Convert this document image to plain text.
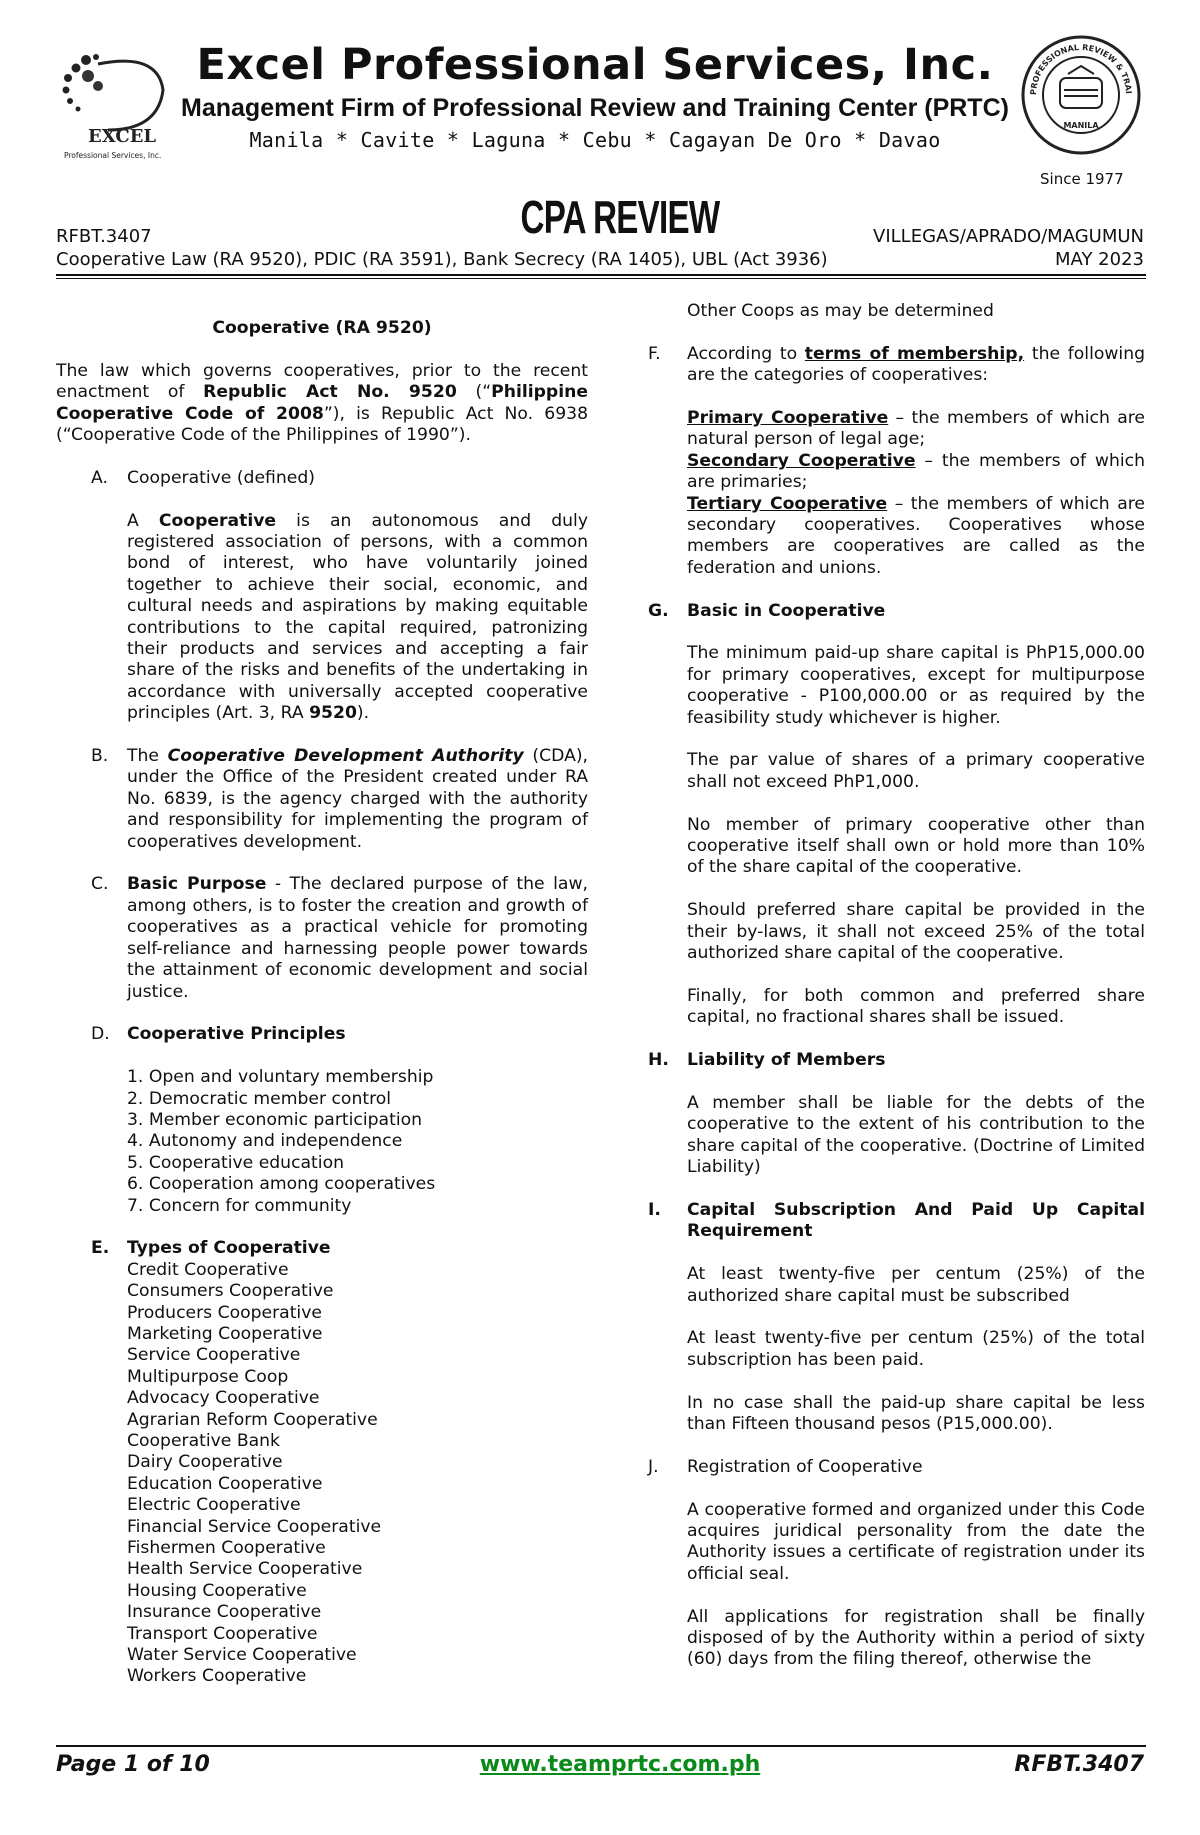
EXCEL
Professional Services, Inc.
Excel Professional Services, Inc.
Management Firm of Professional Review and Training Center (PRTC)
Manila * Cavite * Laguna * Cebu * Cagayan De Oro * Davao
PROFESSIONAL REVIEW & TRAI
MANILA
Since 1977
RFBT.3407	CPA REVIEW	VILLEGAS/APRADO/MAGUMUN
Cooperative Law (RA 9520), PDIC (RA 3591), Bank Secrecy (RA 1405), UBL (Act 3936)	MAY 2023

Cooperative (RA 9520)

The law which governs cooperatives, prior to the recent enactment of Republic Act No. 9520 (“Philippine Cooperative Code of 2008”), is Republic Act No. 6938 (“Cooperative Code of the Philippines of 1990”).

A. Cooperative (defined)

A Cooperative is an autonomous and duly registered association of persons, with a common bond of interest, who have voluntarily joined together to achieve their social, economic, and cultural needs and aspirations by making equitable contributions to the capital required, patronizing their products and services and accepting a fair share of the risks and benefits of the undertaking in accordance with universally accepted cooperative principles (Art. 3, RA 9520).

B. The Cooperative Development Authority (CDA), under the Office of the President created under RA No. 6839, is the agency charged with the authority and responsibility for implementing the program of cooperatives development.

C. Basic Purpose - The declared purpose of the law, among others, is to foster the creation and growth of cooperatives as a practical vehicle for promoting self-reliance and harnessing people power towards the attainment of economic development and social justice.

D. Cooperative Principles

1. Open and voluntary membership
2. Democratic member control
3. Member economic participation
4. Autonomy and independence
5. Cooperative education
6. Cooperation among cooperatives
7. Concern for community
E. Types of Cooperative

Credit Cooperative
Consumers Cooperative
Producers Cooperative
Marketing Cooperative
Service Cooperative
Multipurpose Coop
Advocacy Cooperative
Agrarian Reform Cooperative
Cooperative Bank
Dairy Cooperative
Education Cooperative
Electric Cooperative
Financial Service Cooperative
Fishermen Cooperative
Health Service Cooperative
Housing Cooperative
Insurance Cooperative
Transport Cooperative
Water Service Cooperative
Workers Cooperative

Other Coops as may be determined

F. According to terms of membership, the following are the categories of cooperatives:

Primary Cooperative – the members of which are natural person of legal age;

Secondary Cooperative – the members of which are primaries;

Tertiary Cooperative – the members of which are secondary cooperatives. Cooperatives whose members are cooperatives are called as the federation and unions.

G. Basic in Cooperative

The minimum paid-up share capital is PhP15,000.00 for primary cooperatives, except for multipurpose cooperative - P100,000.00 or as required by the feasibility study whichever is higher.

The par value of shares of a primary cooperative shall not exceed PhP1,000.

No member of primary cooperative other than cooperative itself shall own or hold more than 10% of the share capital of the cooperative.

Should preferred share capital be provided in the their by-laws, it shall not exceed 25% of the total authorized share capital of the cooperative.

Finally, for both common and preferred share capital, no fractional shares shall be issued.

H. Liability of Members

A member shall be liable for the debts of the cooperative to the extent of his contribution to the share capital of the cooperative. (Doctrine of Limited Liability)

I. Capital Subscription And Paid Up Capital Requirement

At least twenty-five per centum (25%) of the authorized share capital must be subscribed

At least twenty-five per centum (25%) of the total subscription has been paid.

In no case shall the paid-up share capital be less than Fifteen thousand pesos (P15,000.00).

J. Registration of Cooperative

A cooperative formed and organized under this Code acquires juridical personality from the date the Authority issues a certificate of registration under its official seal.

All applications for registration shall be finally disposed of by the Authority within a period of sixty (60) days from the filing thereof, otherwise the

Page 1 of 10	www.teamprtc.com.ph	RFBT.3407
